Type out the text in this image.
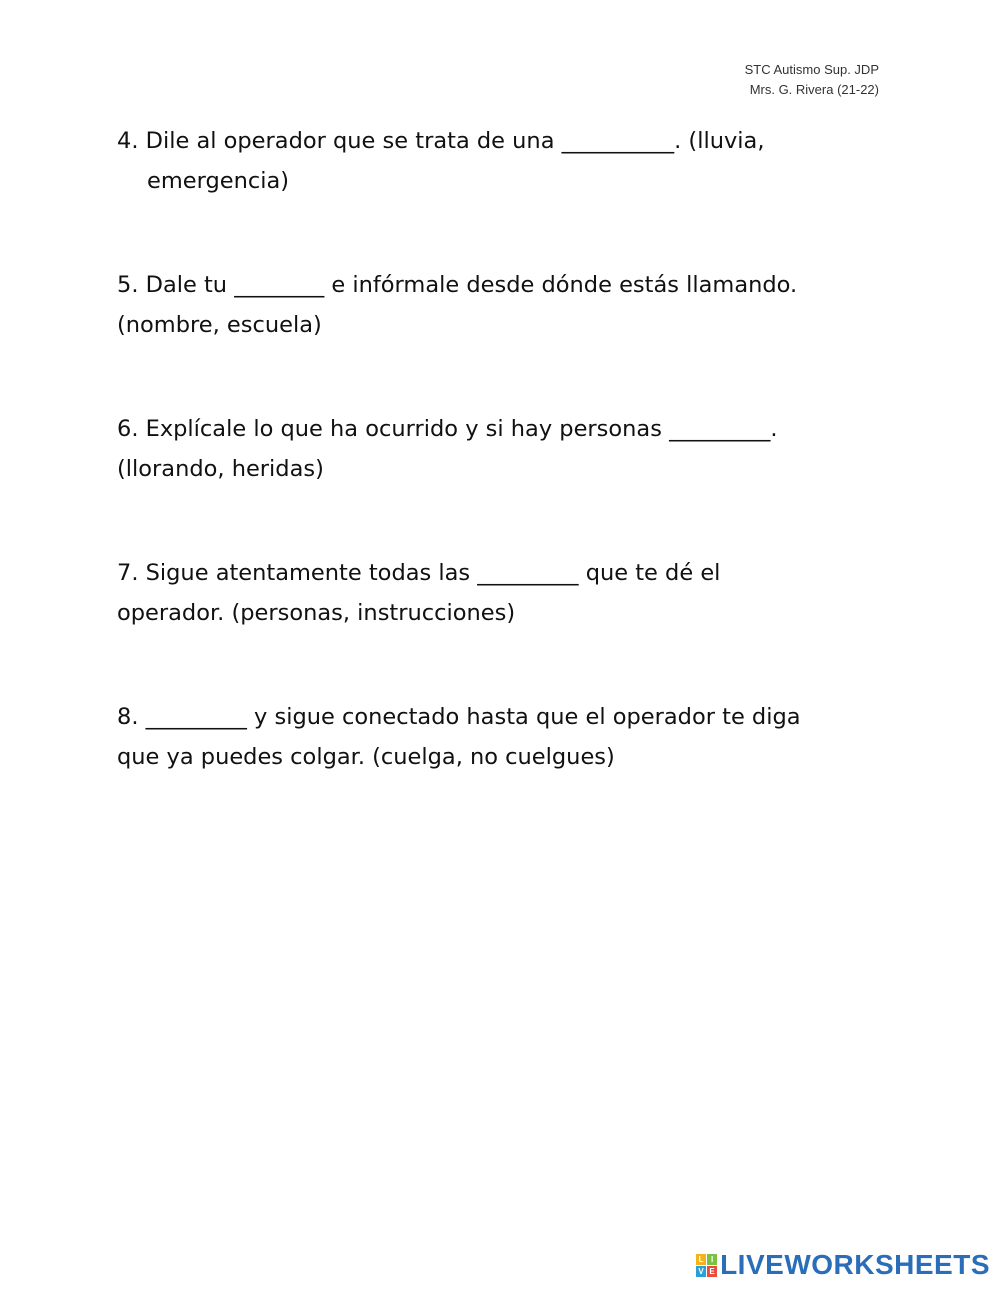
STC Autismo Sup. JDP
Mrs. G. Rivera (21-22)
4. Dile al operador que se trata de una __________. (lluvia,
emergencia)
5. Dale tu ________ e infórmale desde dónde estás llamando.
(nombre, escuela)
6. Explícale lo que ha ocurrido y si hay personas _________.
(llorando, heridas)
7. Sigue atentamente todas las _________ que te dé el
operador. (personas, instrucciones)
8. _________ y sigue conectado hasta que el operador te diga
que ya puedes colgar. (cuelga, no cuelgues)
L I
V E LIVEWORKSHEETS
